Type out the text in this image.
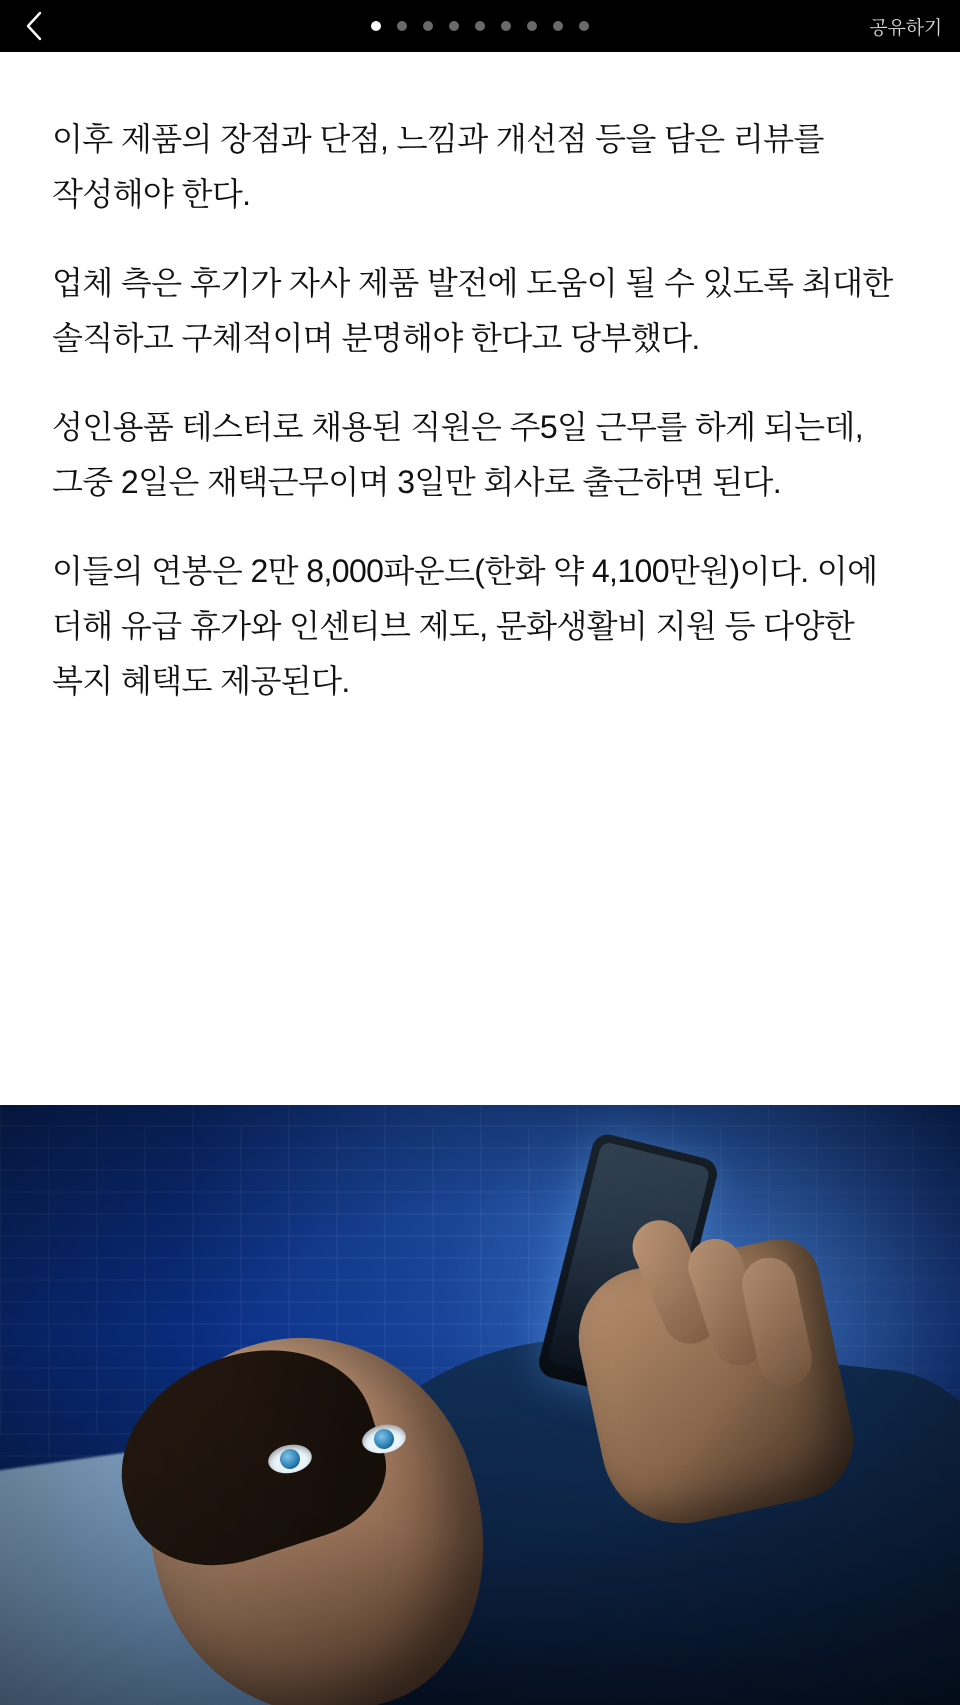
공유하기

이후 제품의 장점과 단점, 느낌과 개선점 등을 담은 리뷰를 작성해야 한다.

업체 측은 후기가 자사 제품 발전에 도움이 될 수 있도록 최대한 솔직하고 구체적이며 분명해야 한다고 당부했다.

성인용품 테스터로 채용된 직원은 주5일 근무를 하게 되는데, 그중 2일은 재택근무이며 3일만 회사로 출근하면 된다.

이들의 연봉은 2만 8,000파운드(한화 약 4,100만원)이다. 이에 더해 유급 휴가와 인센티브 제도, 문화생활비 지원 등 다양한 복지 혜택도 제공된다.
